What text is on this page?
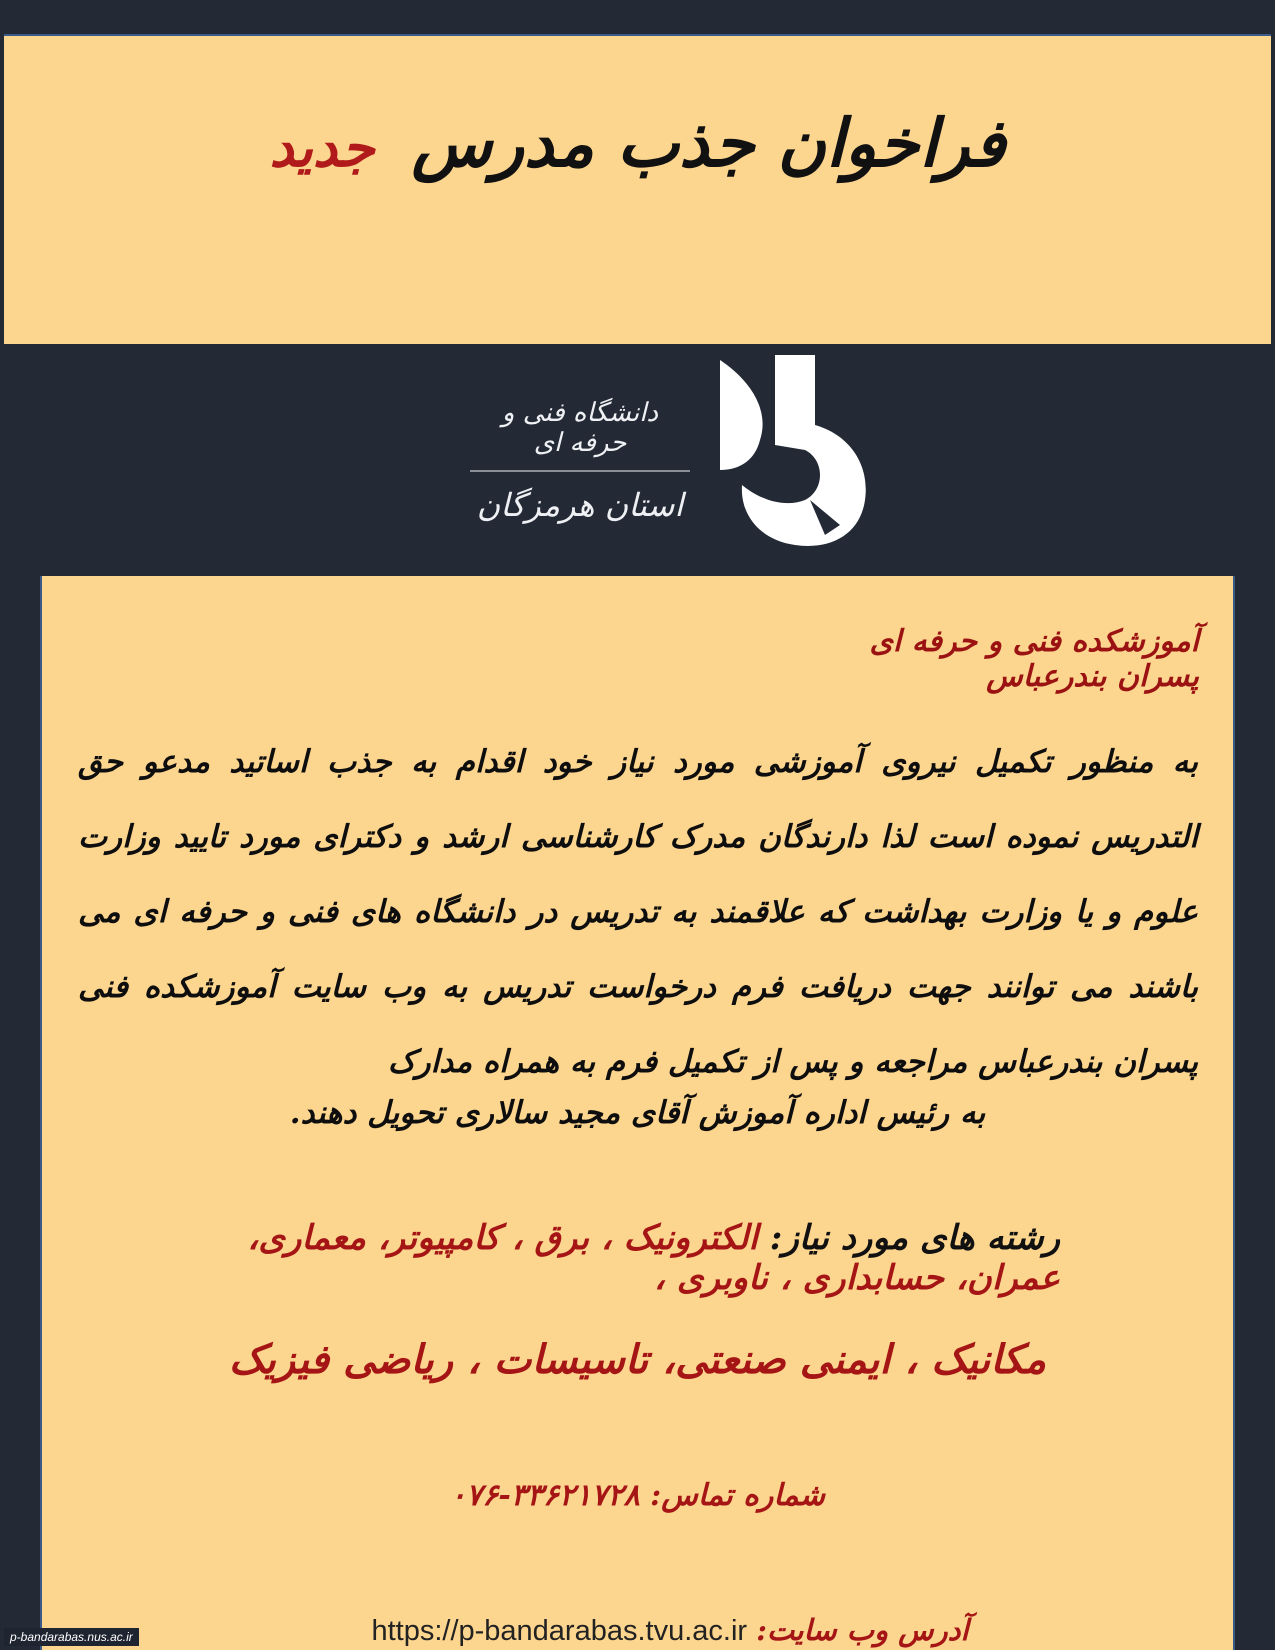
فراخوان جذب مدرس جدید
دانشگاه فنی و حرفه ای
استان هرمزگان
آموزشکده فنی و حرفه ای پسران بندرعباس
به منظور تکمیل نیروی آموزشی مورد نیاز خود اقدام به جذب اساتید مدعو حق التدریس نموده است لذا دارندگان مدرک کارشناسی ارشد و دکترای مورد تایید وزارت علوم و یا وزارت بهداشت که علاقمند به تدریس در دانشگاه های فنی و حرفه ای می باشند می توانند جهت دریافت فرم درخواست تدریس به وب سایت آموزشکده فنی پسران بندرعباس مراجعه و پس از تکمیل فرم به همراه مدارک
به رئیس اداره آموزش آقای مجید سالاری تحویل دهند.
رشته های مورد نیاز: الکترونیک ، برق ، کامپیوتر، معماری، عمران، حسابداری ، ناوبری ،
مکانیک ، ایمنی صنعتی، تاسیسات ، ریاضی فیزیک
شماره تماس: ۳۳۶۲۱۷۲۸-۰۷۶
آدرس وب سایت: https://p-bandarabas.tvu.ac.ir
p-bandarabas.nus.ac.ir
